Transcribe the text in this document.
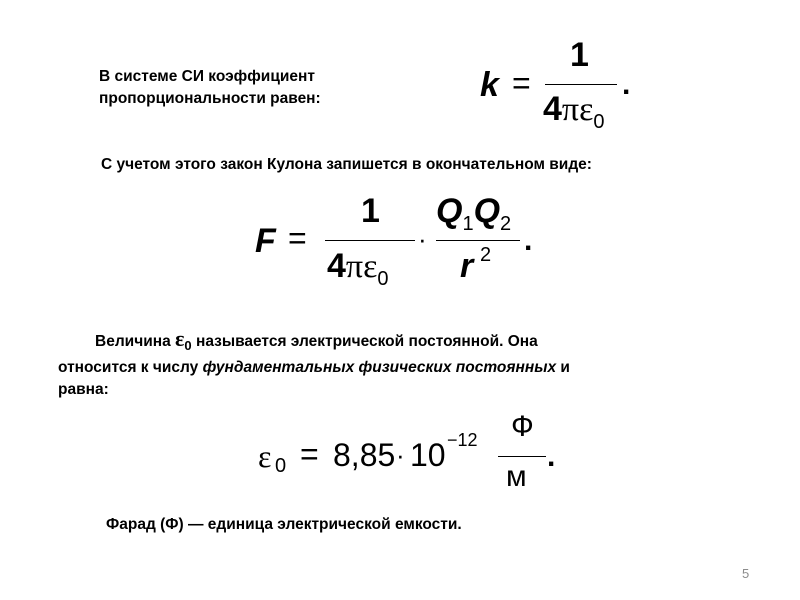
В системе СИ коэффициент
пропорциональности равен:	k =
1
$4\pi\varepsilon_0$
.
С учетом этого закон Кулона запишется в окончательном виде:
F =
1
$4\pi\varepsilon_0$
·
$Q_1Q_2$
r 2 .
Величина $\varepsilon_0$ называется электрической постоянной. Она
относится к числу фундаментальных физических постоянных и
равна:
ε 0 = 8,85 · 10 −12 Ф
м
.
Фарад (Ф) — единица электрической емкости.
5
